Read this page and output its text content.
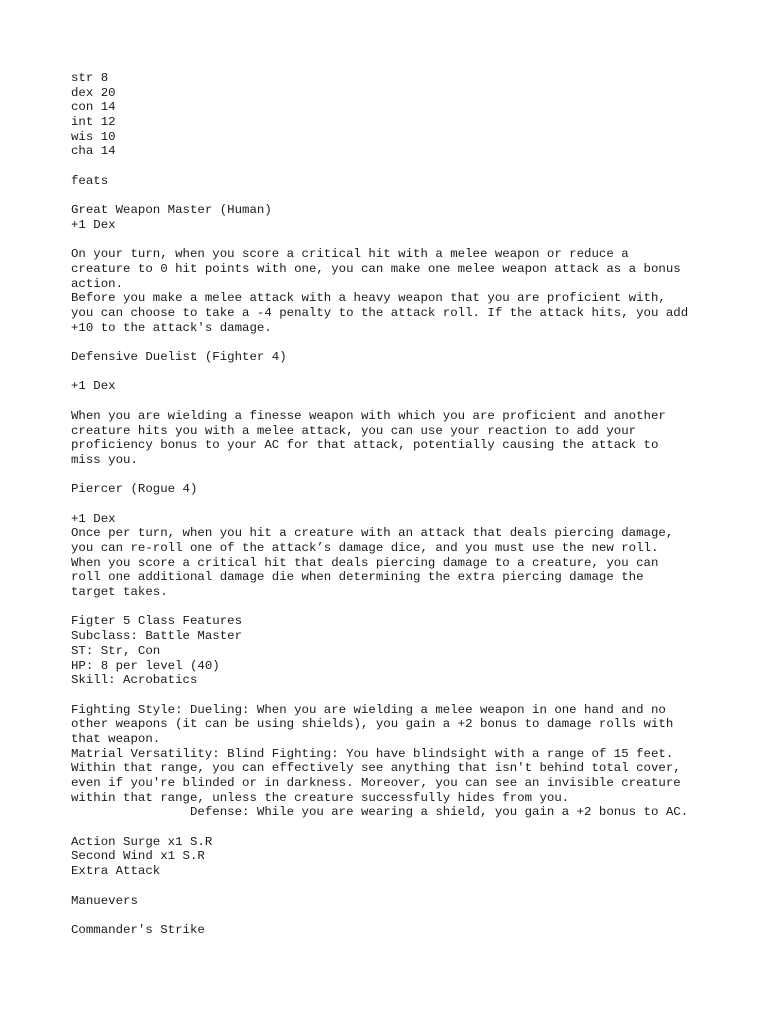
str 8
dex 20
con 14
int 12
wis 10
cha 14
feats
Great Weapon Master (Human)
+1 Dex
On your turn, when you score a critical hit with a melee weapon or reduce a
creature to 0 hit points with one, you can make one melee weapon attack as a bonus
action.
Before you make a melee attack with a heavy weapon that you are proficient with,
you can choose to take a -4 penalty to the attack roll. If the attack hits, you add
+10 to the attack's damage.
Defensive Duelist (Fighter 4)
+1 Dex
When you are wielding a finesse weapon with which you are proficient and another
creature hits you with a melee attack, you can use your reaction to add your
proficiency bonus to your AC for that attack, potentially causing the attack to
miss you.
Piercer (Rogue 4)
+1 Dex
Once per turn, when you hit a creature with an attack that deals piercing damage,
you can re-roll one of the attack’s damage dice, and you must use the new roll.
When you score a critical hit that deals piercing damage to a creature, you can
roll one additional damage die when determining the extra piercing damage the
target takes.
Figter 5 Class Features
Subclass: Battle Master
ST: Str, Con
HP: 8 per level (40)
Skill: Acrobatics
Fighting Style: Dueling: When you are wielding a melee weapon in one hand and no
other weapons (it can be using shields), you gain a +2 bonus to damage rolls with
that weapon.
Matrial Versatility: Blind Fighting: You have blindsight with a range of 15 feet.
Within that range, you can effectively see anything that isn't behind total cover,
even if you're blinded or in darkness. Moreover, you can see an invisible creature
within that range, unless the creature successfully hides from you.
Defense: While you are wearing a shield, you gain a +2 bonus to AC.
Action Surge x1 S.R
Second Wind x1 S.R
Extra Attack
Manuevers
Commander's Strike
